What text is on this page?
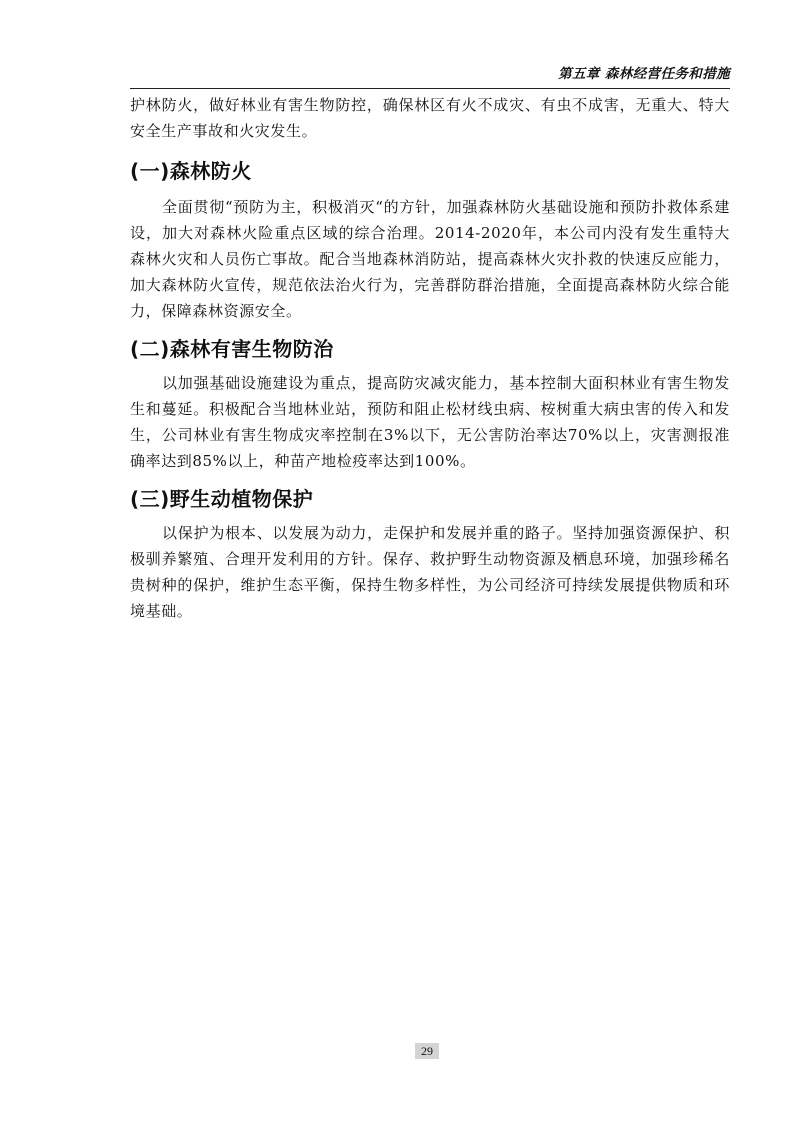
第五章 森林经营任务和措施

护林防火，做好林业有害生物防控，确保林区有火不成灾、有虫不成害，无重大、特大安全生产事故和火灾发生。

(一)森林防火

全面贯彻“预防为主，积极消灭“的方针，加强森林防火基础设施和预防扑救体系建设，加大对森林火险重点区域的综合治理。2014-2020年，本公司内没有发生重特大森林火灾和人员伤亡事故。配合当地森林消防站，提高森林火灾扑救的快速反应能力，加大森林防火宣传，规范依法治火行为，完善群防群治措施，全面提高森林防火综合能力，保障森林资源安全。

(二)森林有害生物防治

以加强基础设施建设为重点，提高防灾减灾能力，基本控制大面积林业有害生物发生和蔓延。积极配合当地林业站，预防和阻止松材线虫病、桉树重大病虫害的传入和发生，公司林业有害生物成灾率控制在3%以下，无公害防治率达70%以上，灾害测报准确率达到85%以上，种苗产地检疫率达到100%。

(三)野生动植物保护

以保护为根本、以发展为动力，走保护和发展并重的路子。坚持加强资源保护、积极驯养繁殖、合理开发利用的方针。保存、救护野生动物资源及栖息环境，加强珍稀名贵树种的保护，维护生态平衡，保持生物多样性，为公司经济可持续发展提供物质和环境基础。

29
